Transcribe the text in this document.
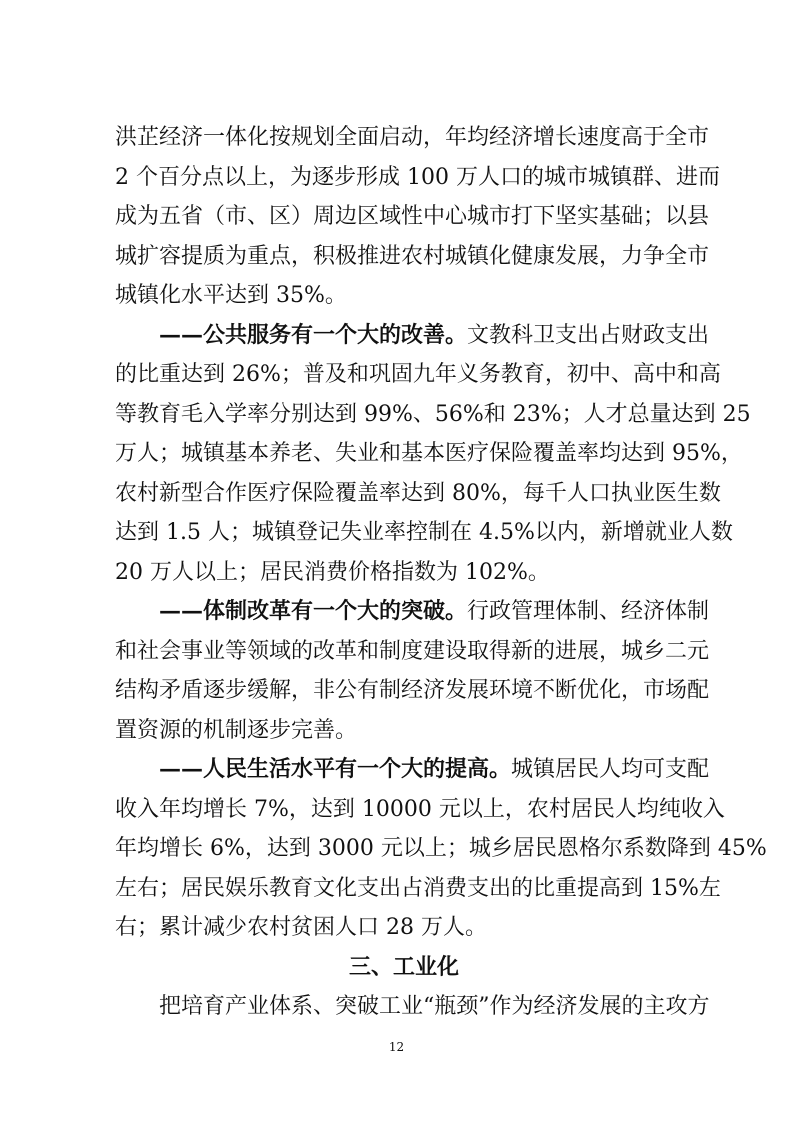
洪芷经济一体化按规划全面启动，年均经济增长速度高于全市
2 个百分点以上，为逐步形成 100 万人口的城市城镇群、进而
成为五省（市、区）周边区域性中心城市打下坚实基础；以县
城扩容提质为重点，积极推进农村城镇化健康发展，力争全市
城镇化水平达到 35%。
——公共服务有一个大的改善。文教科卫支出占财政支出
的比重达到 26%；普及和巩固九年义务教育，初中、高中和高
等教育毛入学率分别达到 99%、56%和 23%；人才总量达到 25
万人；城镇基本养老、失业和基本医疗保险覆盖率均达到 95%，
农村新型合作医疗保险覆盖率达到 80%，每千人口执业医生数
达到 1.5 人；城镇登记失业率控制在 4.5%以内，新增就业人数
20 万人以上；居民消费价格指数为 102%。
——体制改革有一个大的突破。行政管理体制、经济体制
和社会事业等领域的改革和制度建设取得新的进展，城乡二元
结构矛盾逐步缓解，非公有制经济发展环境不断优化，市场配
置资源的机制逐步完善。
——人民生活水平有一个大的提高。城镇居民人均可支配
收入年均增长 7%，达到 10000 元以上，农村居民人均纯收入
年均增长 6%，达到 3000 元以上；城乡居民恩格尔系数降到 45%
左右；居民娱乐教育文化支出占消费支出的比重提高到 15%左
右；累计减少农村贫困人口 28 万人。
三、工业化
把培育产业体系、突破工业“瓶颈”作为经济发展的主攻方
12
